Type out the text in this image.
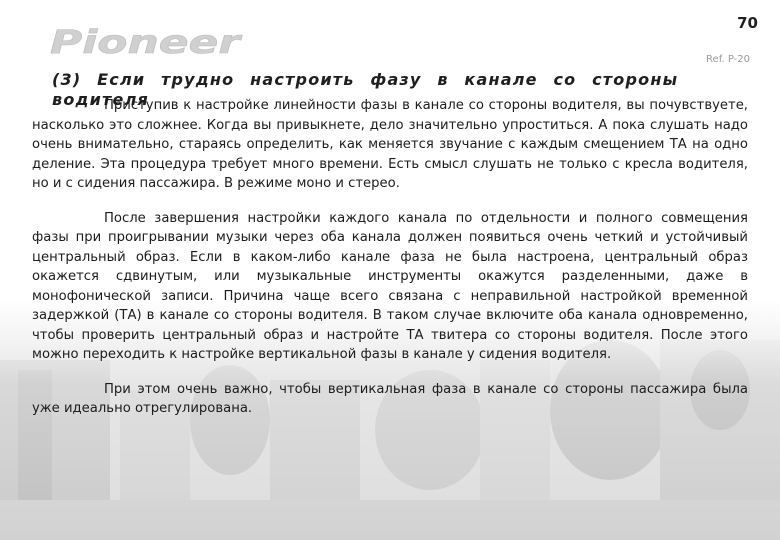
Pioneer	70
Ref. P-20
(3) Если трудно настроить фазу в канале со стороны водителя

Приступив к настройке линейности фазы в канале со стороны водителя, вы почувствуете, насколько это сложнее. Когда вы привыкнете, дело значительно упроститься. А пока слушать надо очень внимательно, стараясь определить, как меняется звучание с каждым смещением ТА на одно деление. Эта процедура требует много времени. Есть смысл слушать не только с кресла водителя, но и с сидения пассажира. В режиме моно и стерео.

После завершения настройки каждого канала по отдельности и полного совмещения фазы при проигрывании музыки через оба канала должен появиться очень четкий и устойчивый центральный образ. Если в каком-либо канале фаза не была настроена, центральный образ окажется сдвинутым, или музыкальные инструменты окажутся разделенными, даже в монофонической записи. Причина чаще всего связана с неправильной настройкой временной задержкой (ТА) в канале со стороны водителя. В таком случае включите оба канала одновременно, чтобы проверить центральный образ и настройте ТА твитера со стороны водителя. После этого можно переходить к настройке вертикальной фазы в канале у сидения водителя.

При этом очень важно, чтобы вертикальная фаза в канале со стороны пассажира была уже идеально отрегулирована.
